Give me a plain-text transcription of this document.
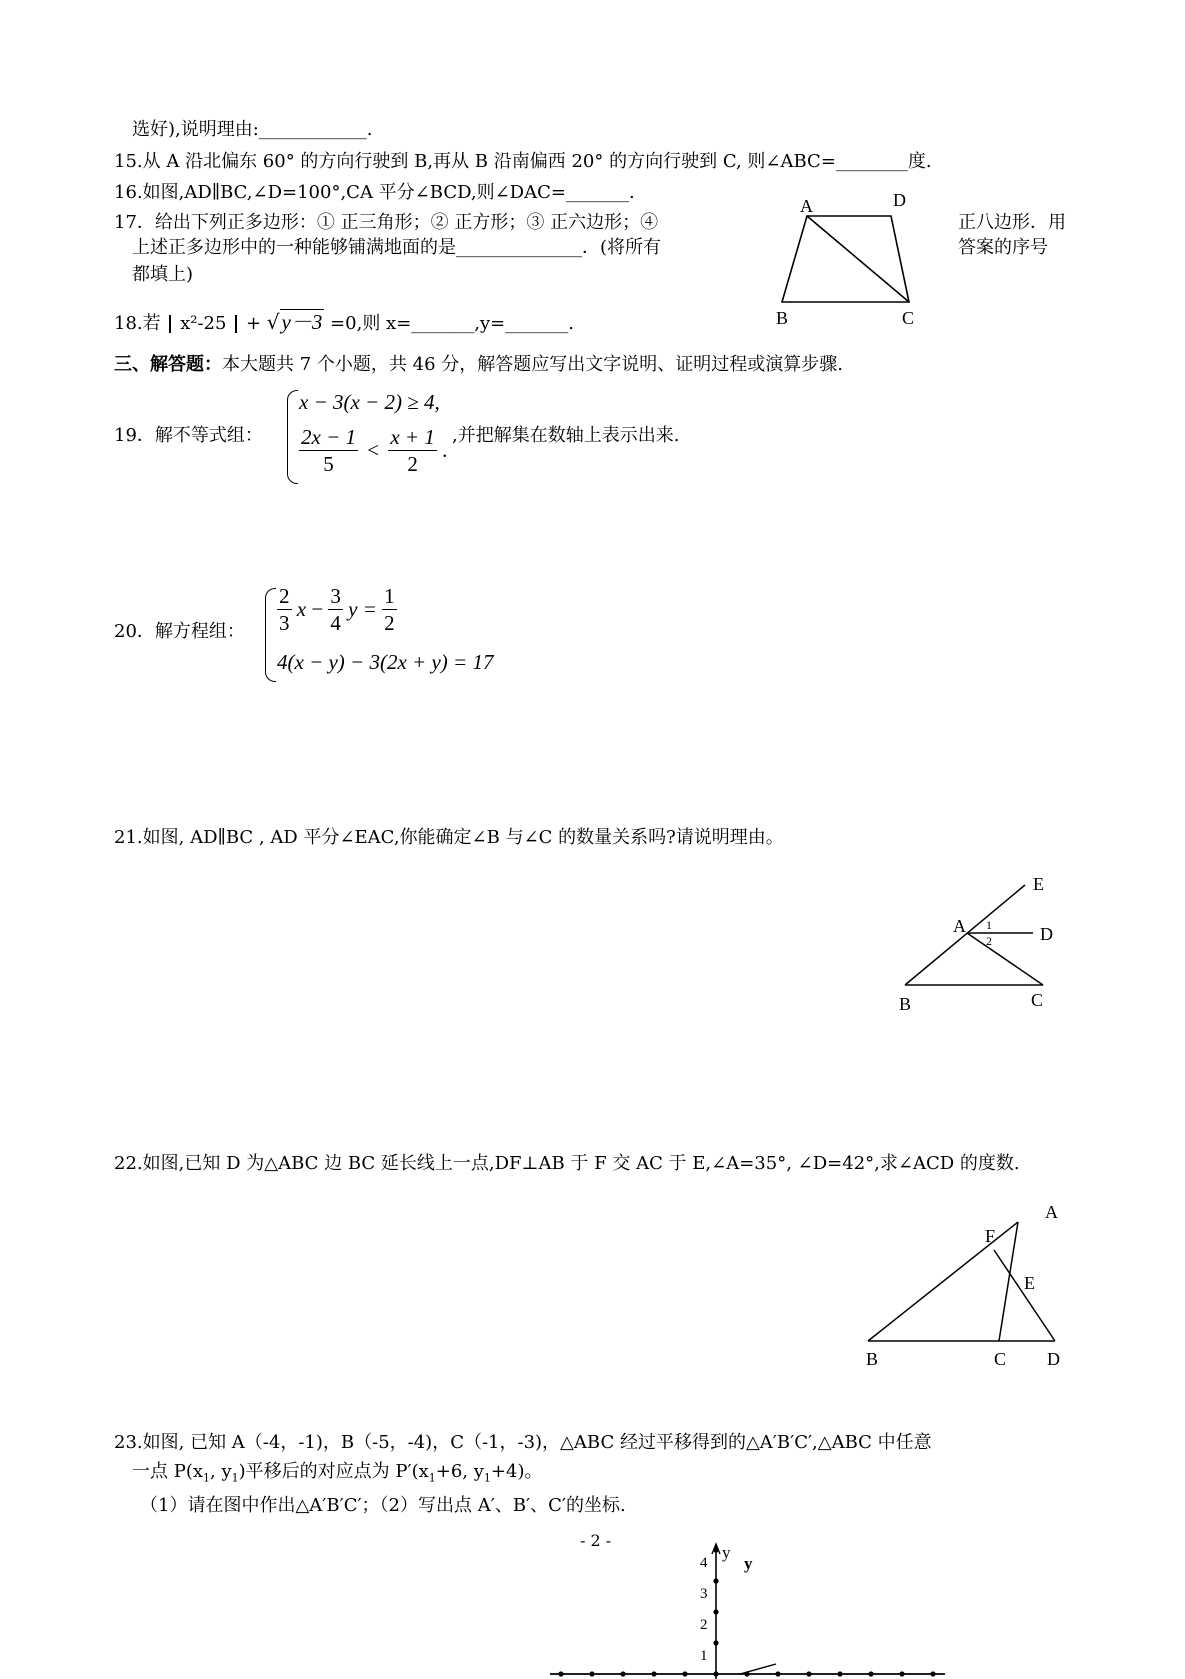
选好),说明理由:____________.
15.从 A 沿北偏东 60° 的方向行驶到 B,再从 B 沿南偏西 20° 的方向行驶到 C, 则∠ABC=________度.
16.如图,AD∥BC,∠D=100°,CA 平分∠BCD,则∠DAC=_______.
17．给出下列正多边形：① 正三角形；② 正方形；③ 正六边形；④	正八边形．用
上述正多边形中的一种能够铺满地面的是______________．(将所有	答案的序号
都填上)
18.若 x²-25 + √y－3 =0,则 x=_______,y=_______.
三、解答题：本大题共 7 个小题，共 46 分，解答题应写出文字说明、证明过程或演算步骤.
19．解不等式组：
x − 3(x − 2) ≥ 4,
$\frac{2x - 1}{5} < \frac{x + 1}{2}$ .
,并把解集在数轴上表示出来.
20．解方程组： $\frac{2}{3}$ $x - \frac{3}{4}$ $y = \frac{1}{2}$
4(x − y) − 3(2x + y) = 17
21.如图, AD∥BC , AD 平分∠EAC,你能确定∠B 与∠C 的数量关系吗?请说明理由。
22.如图,已知 D 为△ABC 边 BC 延长线上一点,DF⊥AB 于 F 交 AC 于 E,∠A=35°, ∠D=42°,求∠ACD 的度数.
23.如图, 已知 A（-4，-1)，B（-5，-4)，C（-1，-3)，△ABC 经过平移得到的△A′B′C′,△ABC 中任意
一点 $P(x_1$, $y_1$)平移后的对应点为 $P'(x_1+6$, $y_1+4$)。
（1）请在图中作出△A′B′C′；（2）写出点 A′、B′、C′的坐标.
- 2 -
A	D
B	C
E
A 1
2	D
B	C
A
F
E
B	C D
y
y
4
3
2
1
